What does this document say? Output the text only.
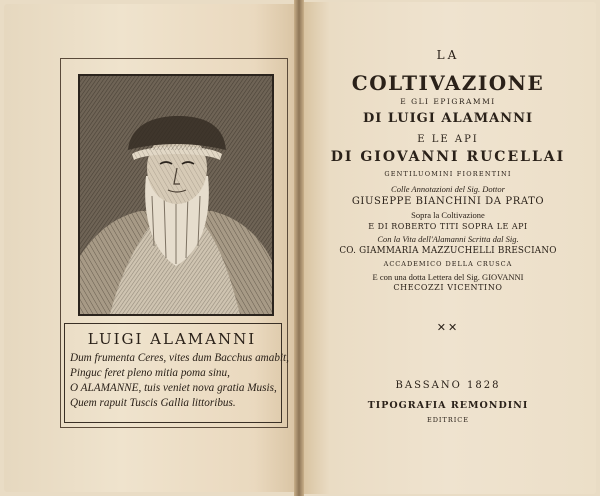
LUIGI ALAMANNI
Dum frumenta Ceres, vites dum Bacchus amabit,
Pinguc feret pleno mitia poma sinu,
O ALAMANNE, tuis veniet nova gratia Musis,
Quem rapuit Tuscis Gallia littoribus.
LA
COLTIVAZIONE
E GLI EPIGRAMMI
DI LUIGI ALAMANNI
E LE API
DI GIOVANNI RUCELLAI
GENTILUOMINI FIORENTINI
Colle Annotazioni del Sig. Dottor
GIUSEPPE BIANCHINI DA PRATO
Sopra la Coltivazione
E DI ROBERTO TITI SOPRA LE API
Con la Vita dell'Alamanni Scritta dal Sig.
CO. GIAMMARIA MAZZUCHELLI BRESCIANO
ACCADEMICO DELLA CRUSCA
E con una dotta Lettera del Sig. GIOVANNI
CHECOZZI VICENTINO
✕✕
BASSANO 1828
TIPOGRAFIA REMONDINI
EDITRICE
